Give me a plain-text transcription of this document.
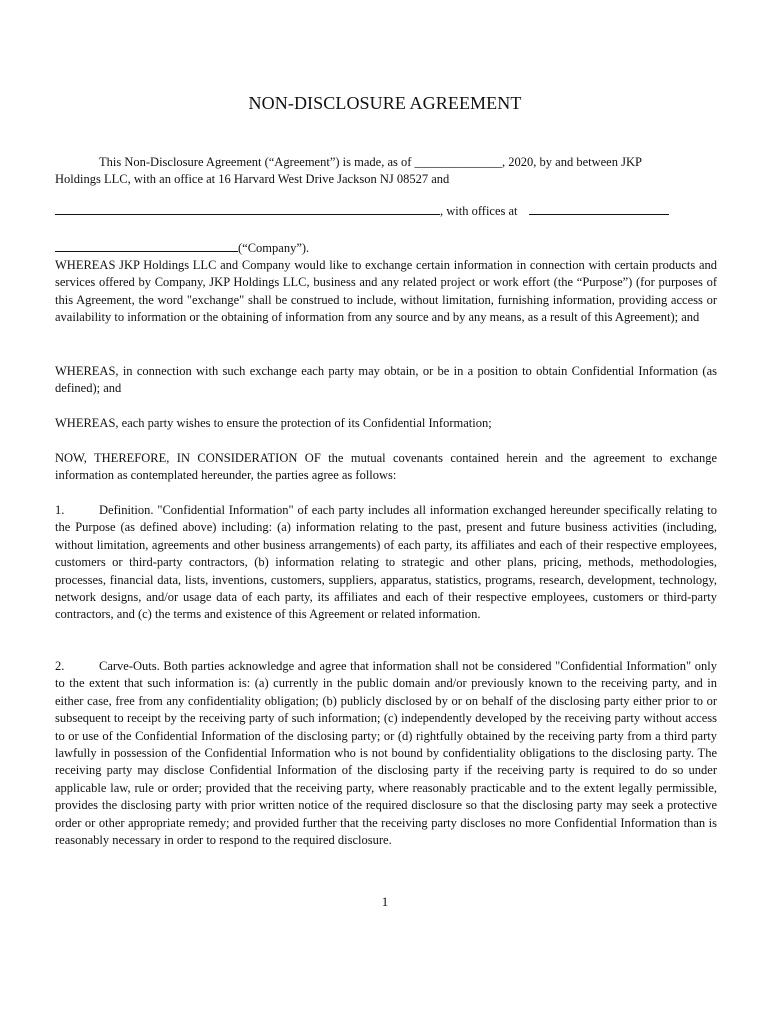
NON-DISCLOSURE AGREEMENT
This Non-Disclosure Agreement (“Agreement”) is made, as of ______________, 2020, by and between JKP
Holdings LLC, with an office at 16 Harvard West Drive Jackson NJ 08527 and
, with offices at
(“Company”).
WHEREAS JKP Holdings LLC and Company would like to exchange certain information in connection with certain products and services offered by Company, JKP Holdings LLC, business and any related project or work effort (the “Purpose”) (for purposes of this Agreement, the word "exchange" shall be construed to include, without limitation, furnishing information, providing access or availability to information or the obtaining of information from any source and by any means, as a result of this Agreement); and
WHEREAS, in connection with such exchange each party may obtain, or be in a position to obtain Confidential Information (as defined); and
WHEREAS, each party wishes to ensure the protection of its Confidential Information;
NOW, THEREFORE, IN CONSIDERATION OF the mutual covenants contained herein and the agreement to exchange information as contemplated hereunder, the parties agree as follows:
1.	Definition. "Confidential Information" of each party includes all information exchanged hereunder specifically relating to the Purpose (as defined above) including: (a) information relating to the past, present and future business activities (including, without limitation, agreements and other business arrangements) of each party, its affiliates and each of their respective employees, customers or third-party contractors, (b) information relating to strategic and other plans, pricing, methods, methodologies, processes, financial data, lists, inventions, customers, suppliers, apparatus, statistics, programs, research, development, technology, network designs, and/or usage data of each party, its affiliates and each of their respective employees, customers or third-party contractors, and (c) the terms and existence of this Agreement or related information.
2.	Carve-Outs. Both parties acknowledge and agree that information shall not be considered "Confidential Information" only to the extent that such information is: (a) currently in the public domain and/or previously known to the receiving party, and in either case, free from any confidentiality obligation; (b) publicly disclosed by or on behalf of the disclosing party either prior to or subsequent to receipt by the receiving party of such information; (c) independently developed by the receiving party without access to or use of the Confidential Information of the disclosing party; or (d) rightfully obtained by the receiving party from a third party lawfully in possession of the Confidential Information who is not bound by confidentiality obligations to the disclosing party. The receiving party may disclose Confidential Information of the disclosing party if the receiving party is required to do so under applicable law, rule or order; provided that the receiving party, where reasonably practicable and to the extent legally permissible, provides the disclosing party with prior written notice of the required disclosure so that the disclosing party may seek a protective order or other appropriate remedy; and provided further that the receiving party discloses no more Confidential Information than is reasonably necessary in order to respond to the required disclosure.
1
